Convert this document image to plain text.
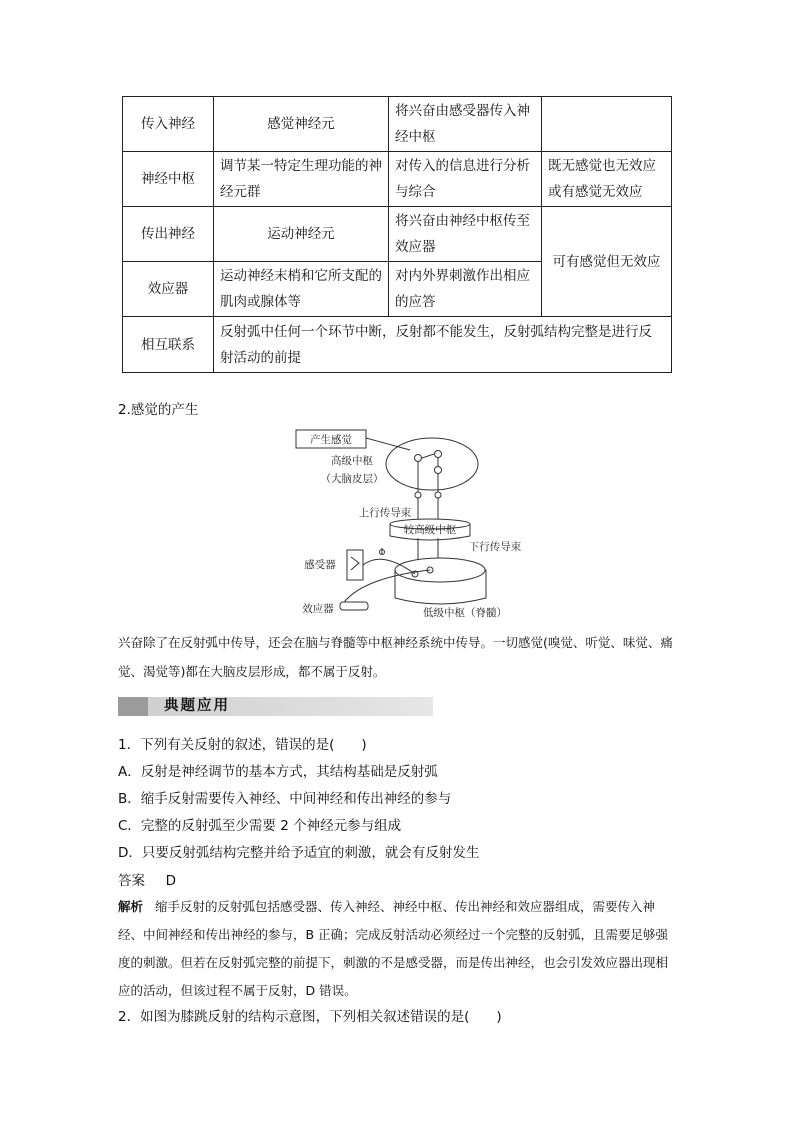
传入神经	感觉神经元	将兴奋由感受器传入神经中枢	
神经中枢	调节某一特定生理功能的神经元群	对传入的信息进行分析与综合	既无感觉也无效应或有感觉无效应
传出神经	运动神经元	将兴奋由神经中枢传至效应器	可有感觉但无效应
效应器	运动神经末梢和它所支配的肌肉或腺体等	对内外界刺激作出相应的应答	
相互联系	反射弧中任何一个环节中断，反射都不能发生，反射弧结构完整是进行反射活动的前提		
2.感觉的产生
产生感觉
高级中枢
（大脑皮层）
上行传导束
较高级中枢
下行传导束
低级中枢（脊髓）
感受器
效应器
兴奋除了在反射弧中传导，还会在脑与脊髓等中枢神经系统中传导。一切感觉(嗅觉、听觉、味觉、痛觉、渴觉等)都在大脑皮层形成，都不属于反射。
典题应用
1．下列有关反射的叙述，错误的是(　　)
A．反射是神经调节的基本方式，其结构基础是反射弧
B．缩手反射需要传入神经、中间神经和传出神经的参与
C．完整的反射弧至少需要 2 个神经元参与组成
D．只要反射弧结构完整并给予适宜的刺激，就会有反射发生
答案 D
解析 缩手反射的反射弧包括感受器、传入神经、神经中枢、传出神经和效应器组成，需要传入神经、中间神经和传出神经的参与，B 正确；完成反射活动必须经过一个完整的反射弧，且需要足够强度的刺激。但若在反射弧完整的前提下，刺激的不是感受器，而是传出神经，也会引发效应器出现相应的活动，但该过程不属于反射，D 错误。
2．如图为膝跳反射的结构示意图，下列相关叙述错误的是(　　)
